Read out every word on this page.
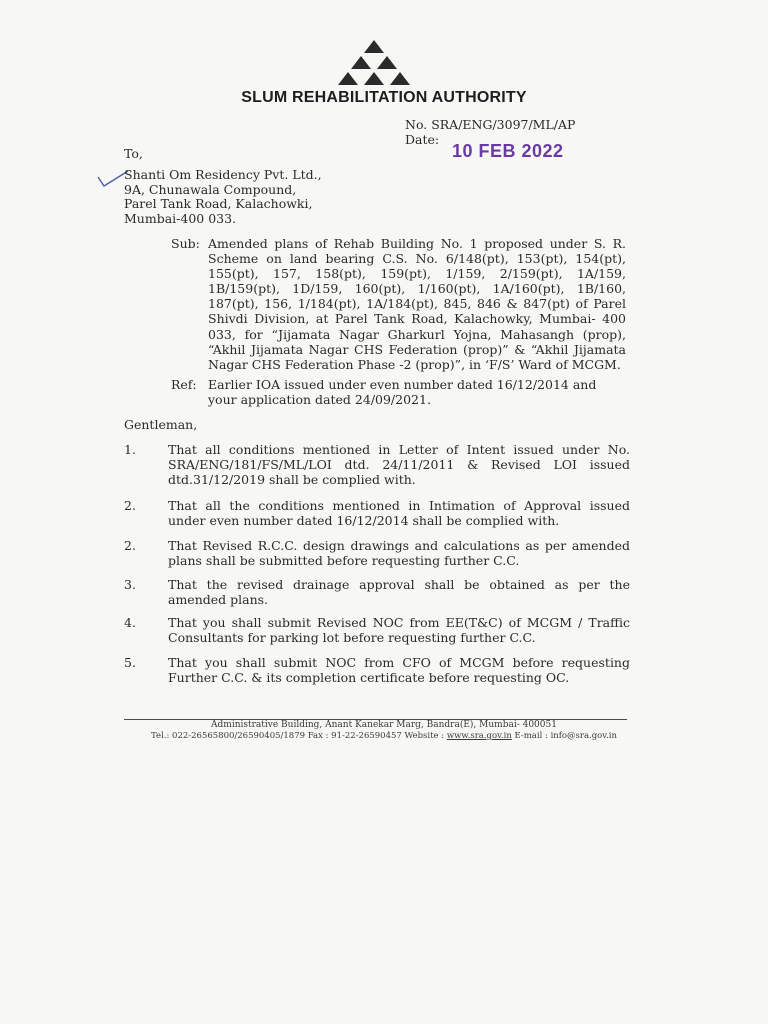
SLUM REHABILITATION AUTHORITY
No. SRA/ENG/3097/ML/AP
Date:
10 FEB 2022
To,
Shanti Om Residency Pvt. Ltd.,
9A, Chunawala Compound,
Parel Tank Road, Kalachowki,
Mumbai-400 033.
Sub: Amended plans of Rehab Building No. 1 proposed under S. R. Scheme on land bearing C.S. No. 6/148(pt), 153(pt), 154(pt), 155(pt), 157, 158(pt), 159(pt), 1/159, 2/159(pt), 1A/159, 1B/159(pt), 1D/159, 160(pt), 1/160(pt), 1A/160(pt), 1B/160, 187(pt), 156, 1/184(pt), 1A/184(pt), 845, 846 & 847(pt) of Parel Shivdi Division, at Parel Tank Road, Kalachowky, Mumbai- 400 033, for “Jijamata Nagar Gharkurl Yojna, Mahasangh (prop), “Akhil Jijamata Nagar CHS Federation (prop)” & “Akhil Jijamata Nagar CHS Federation Phase -2 (prop)”, in ‘F/S’ Ward of MCGM.
Ref: Earlier IOA issued under even number dated 16/12/2014 and your application dated 24/09/2021.
Gentleman,
1.	That all conditions mentioned in Letter of Intent issued under No. SRA/ENG/181/FS/ML/LOI dtd. 24/11/2011 & Revised LOI issued dtd.31/12/2019 shall be complied with.
2.	That all the conditions mentioned in Intimation of Approval issued under even number dated 16/12/2014 shall be complied with.
2.	That Revised R.C.C. design drawings and calculations as per amended plans shall be submitted before requesting further C.C.
3.	That the revised drainage approval shall be obtained as per the amended plans.
4.	That you shall submit Revised NOC from EE(T&C) of MCGM / Traffic Consultants for parking lot before requesting further C.C.
5.	That you shall submit NOC from CFO of MCGM before requesting Further C.C. & its completion certificate before requesting OC.
Administrative Building, Anant Kanekar Marg, Bandra(E), Mumbai- 400051
Tel.: 022-26565800/26590405/1879 Fax : 91-22-26590457 Website : www.sra.gov.in E-mail : info@sra.gov.in
